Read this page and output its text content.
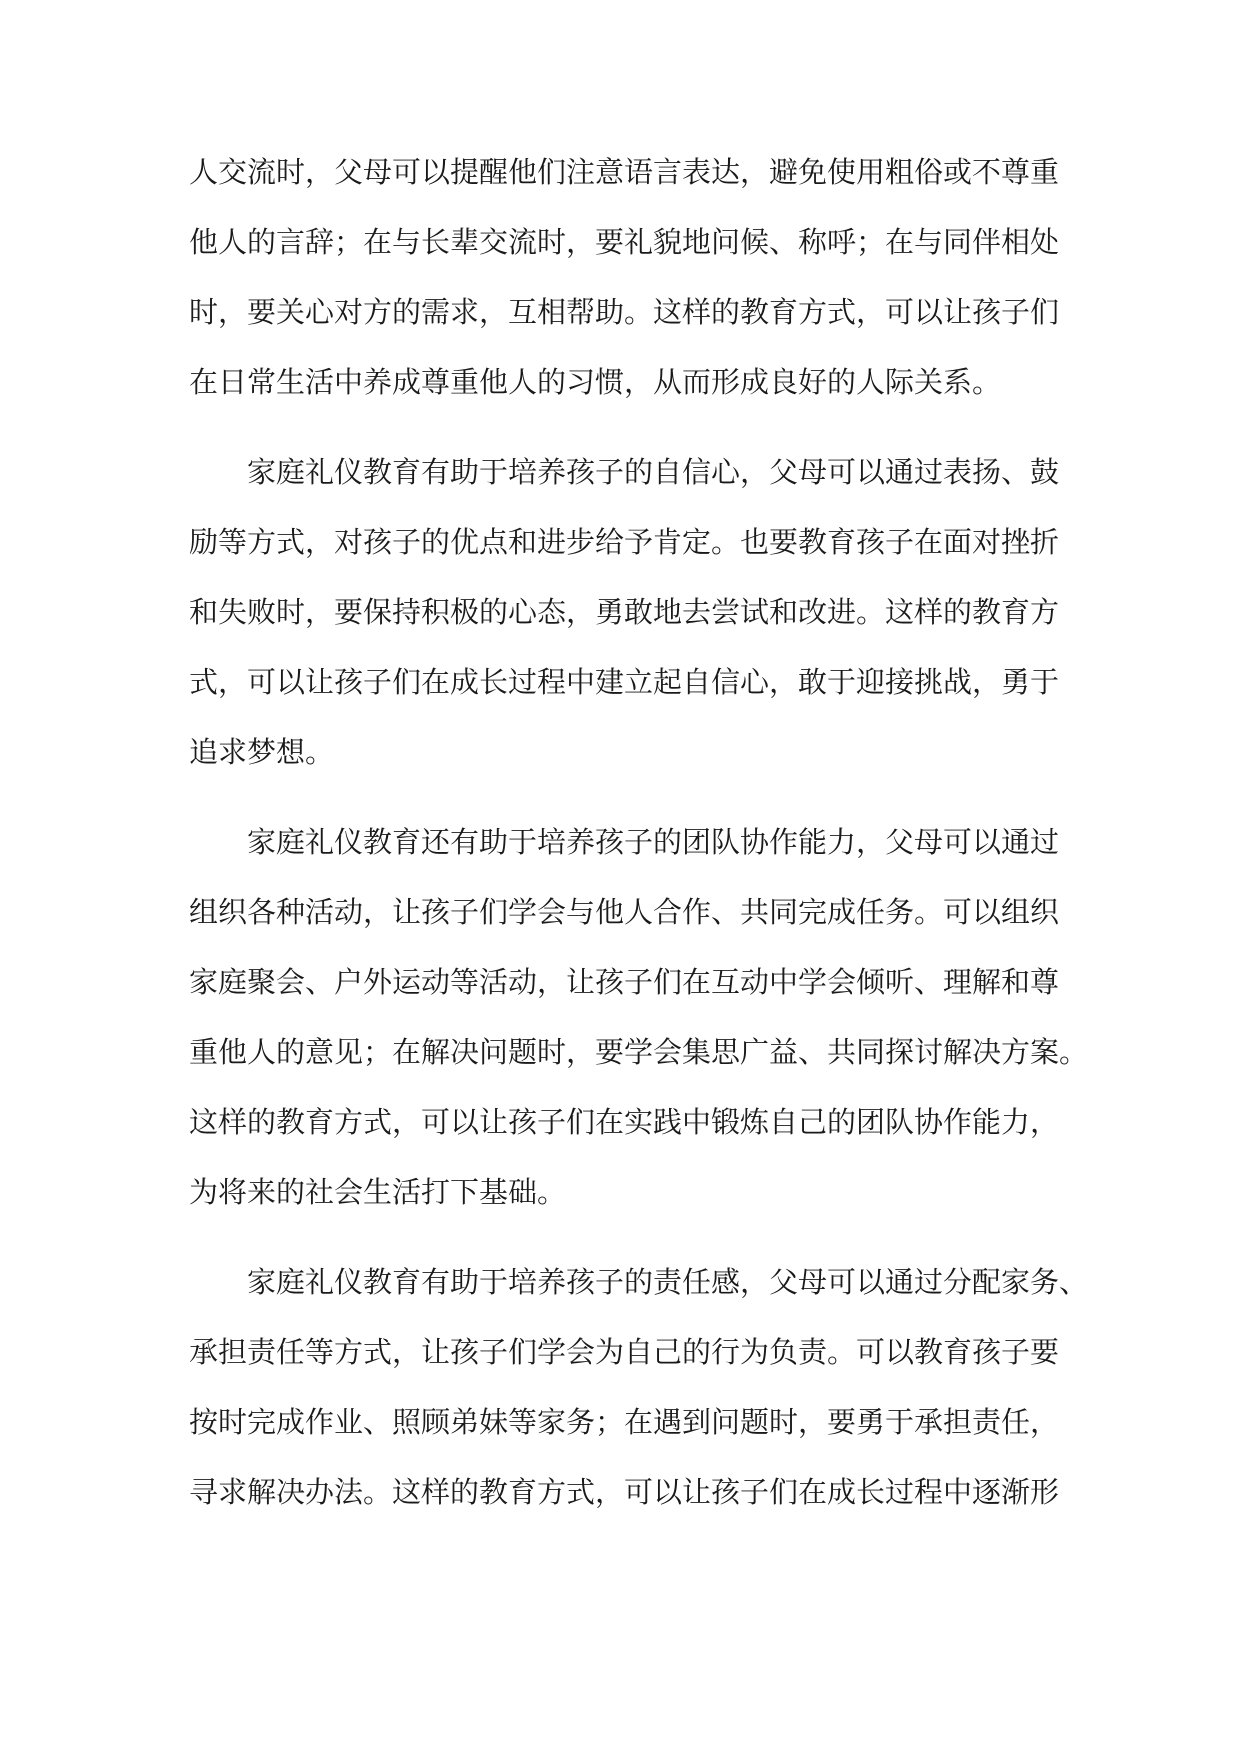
人交流时，父母可以提醒他们注意语言表达，避免使用粗俗或不尊重
他人的言辞；在与长辈交流时，要礼貌地问候、称呼；在与同伴相处
时，要关心对方的需求，互相帮助。这样的教育方式，可以让孩子们
在日常生活中养成尊重他人的习惯，从而形成良好的人际关系。
家庭礼仪教育有助于培养孩子的自信心，父母可以通过表扬、鼓
励等方式，对孩子的优点和进步给予肯定。也要教育孩子在面对挫折
和失败时，要保持积极的心态，勇敢地去尝试和改进。这样的教育方
式，可以让孩子们在成长过程中建立起自信心，敢于迎接挑战，勇于
追求梦想。
家庭礼仪教育还有助于培养孩子的团队协作能力，父母可以通过
组织各种活动，让孩子们学会与他人合作、共同完成任务。可以组织
家庭聚会、户外运动等活动，让孩子们在互动中学会倾听、理解和尊
重他人的意见；在解决问题时，要学会集思广益、共同探讨解决方案。
这样的教育方式，可以让孩子们在实践中锻炼自己的团队协作能力，
为将来的社会生活打下基础。
家庭礼仪教育有助于培养孩子的责任感，父母可以通过分配家务、
承担责任等方式，让孩子们学会为自己的行为负责。可以教育孩子要
按时完成作业、照顾弟妹等家务；在遇到问题时，要勇于承担责任，
寻求解决办法。这样的教育方式，可以让孩子们在成长过程中逐渐形
